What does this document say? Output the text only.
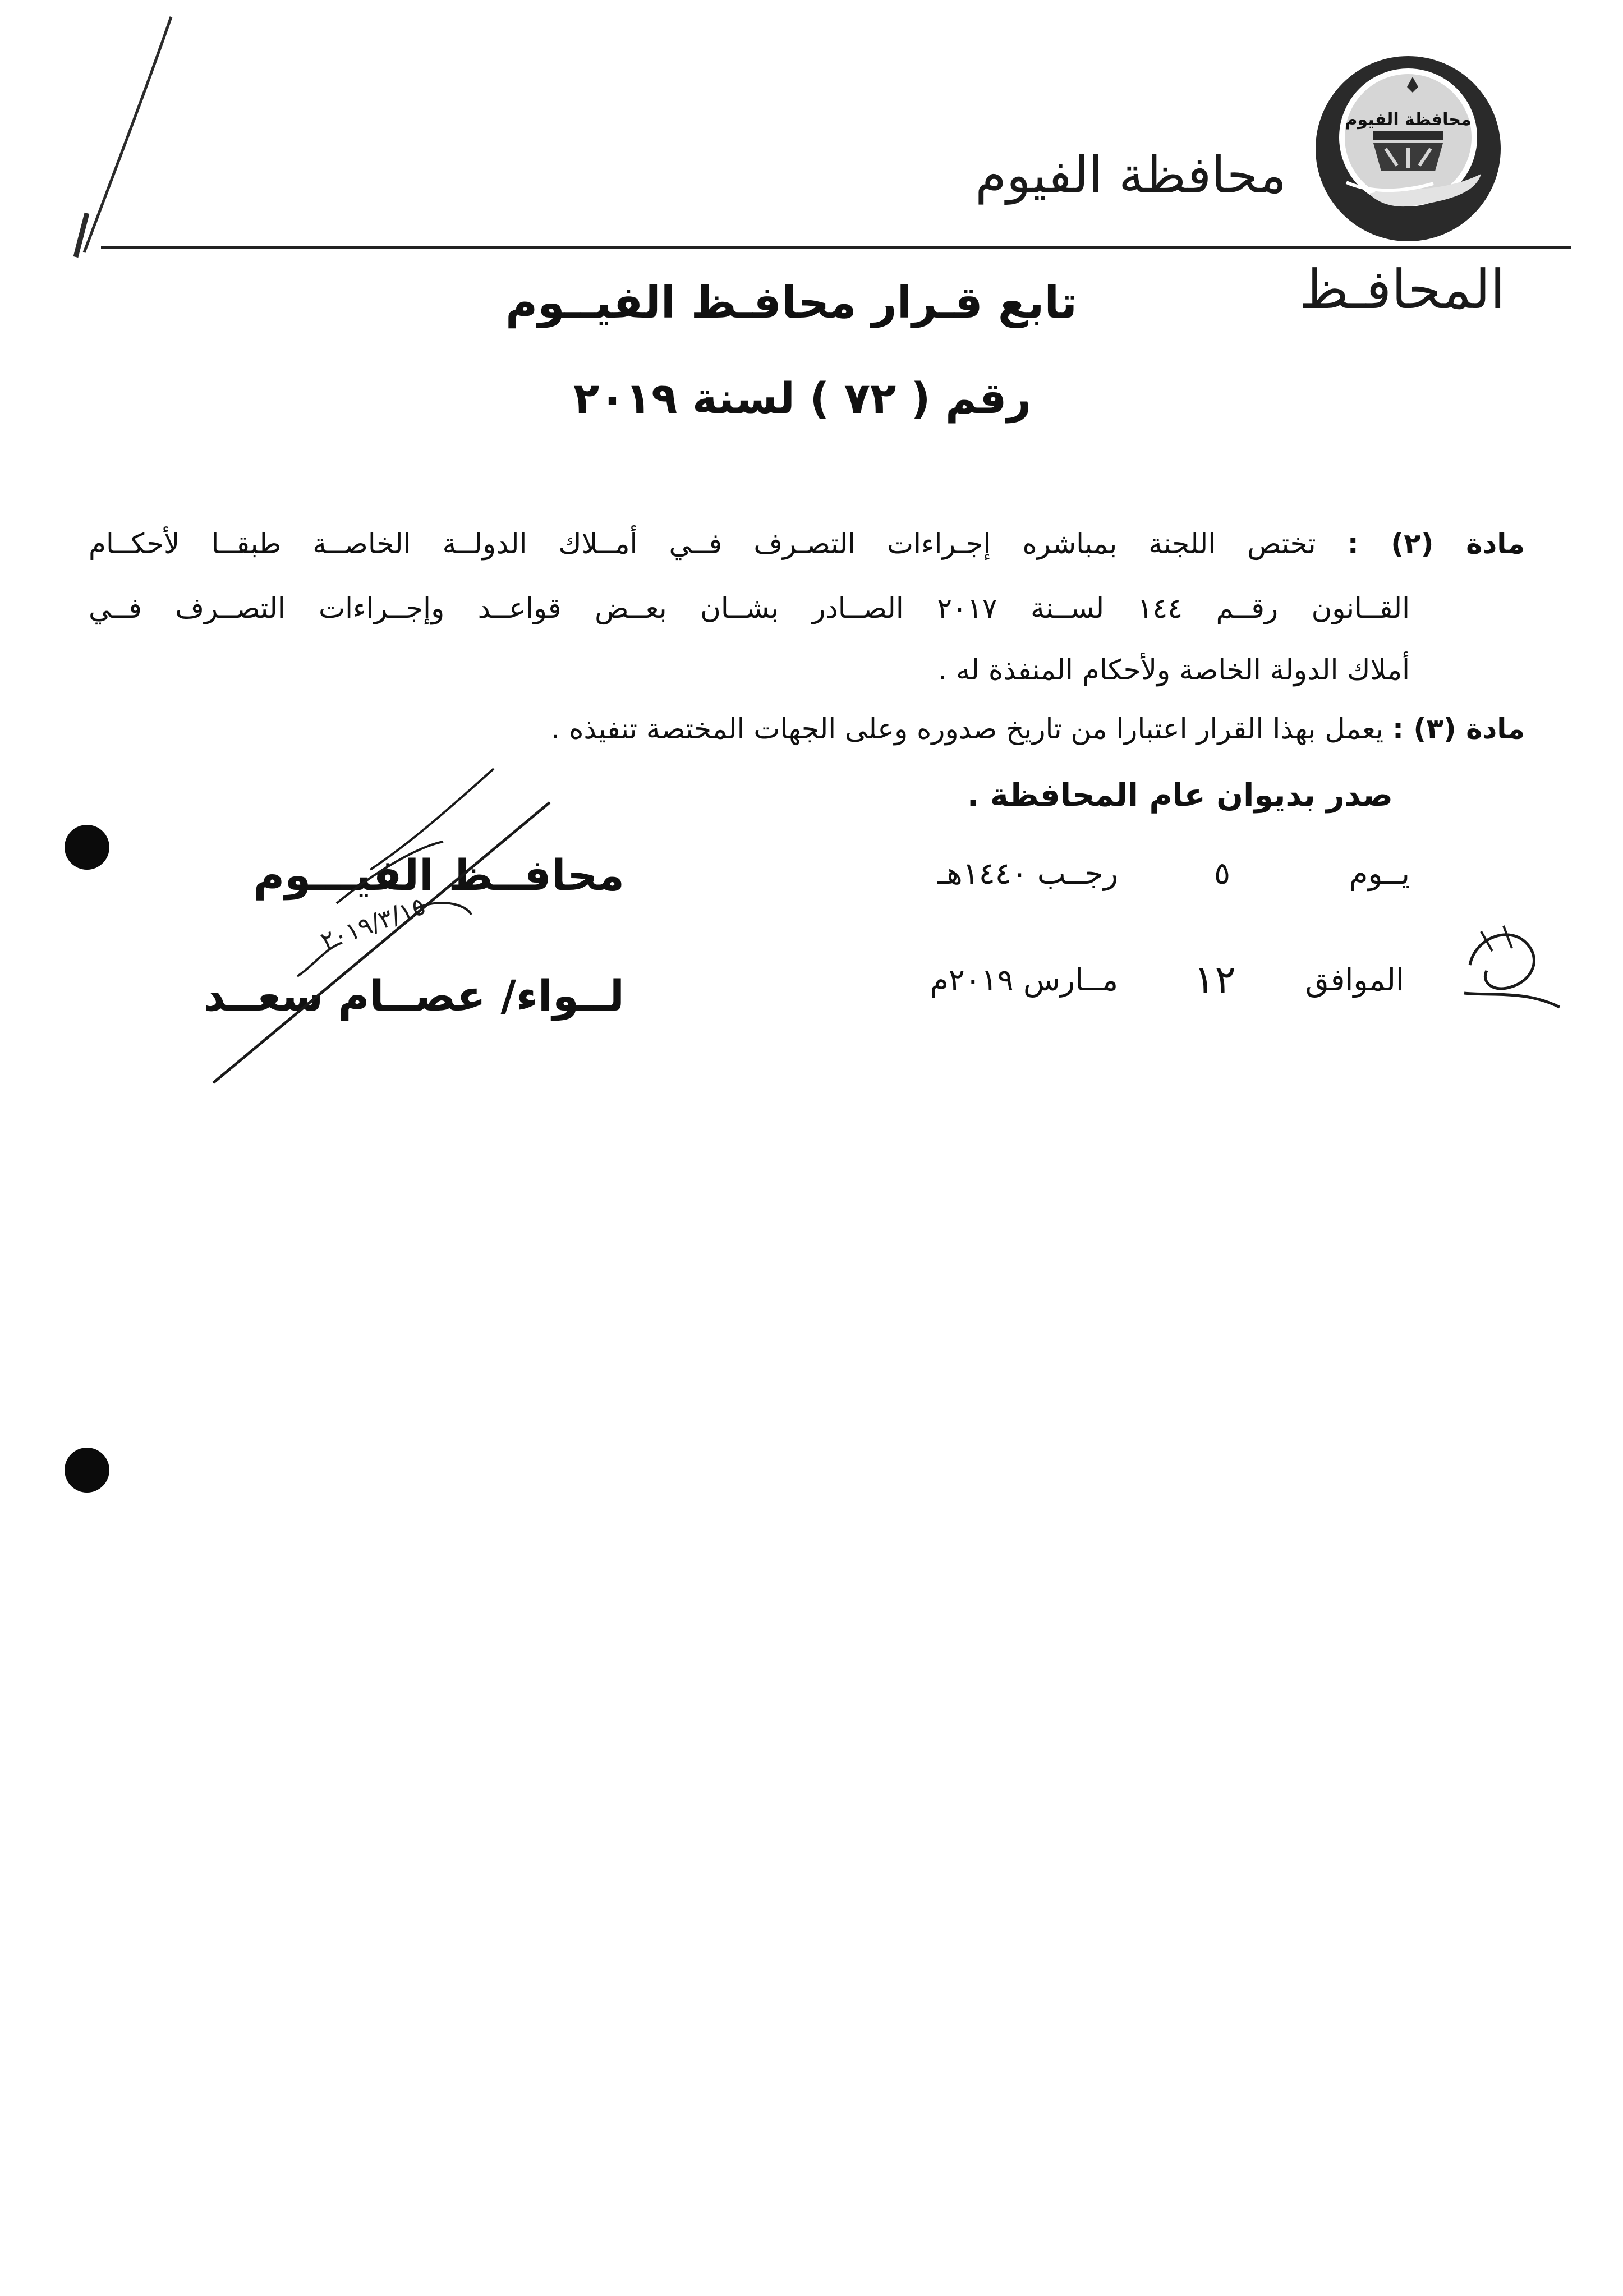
محافظة الفيوم
محافظة الفيوم
المحافـظ
تابع قـرار محافـظ الفيــوم
رقم ( ٧٢ ) لسنة ٢٠١٩
مادة (٢) : تختص اللجنة بمباشره إجـراءات التصـرف فــي أمــلاك الدولــة الخاصــة طبقــا لأحكــام
القــانون رقــم ١٤٤ لســنة ٢٠١٧ الصــادر بشــان بعــض قواعــد وإجــراءات التصــرف فــي
أملاك الدولة الخاصة ولأحكام المنفذة له .
مادة (٣) : يعمل بهذا القرار اعتبارا من تاريخ صدوره وعلى الجهات المختصة تنفيذه .
صدر بديوان عام المحافظة .
يــوم
٥
رجــب ١٤٤٠هـ
الموافق
١٢
مــارس ٢٠١٩م
محافــظ الفيـــوم
لــواء/ عصــام سعــد
٢٠١٩/٣/١٥
